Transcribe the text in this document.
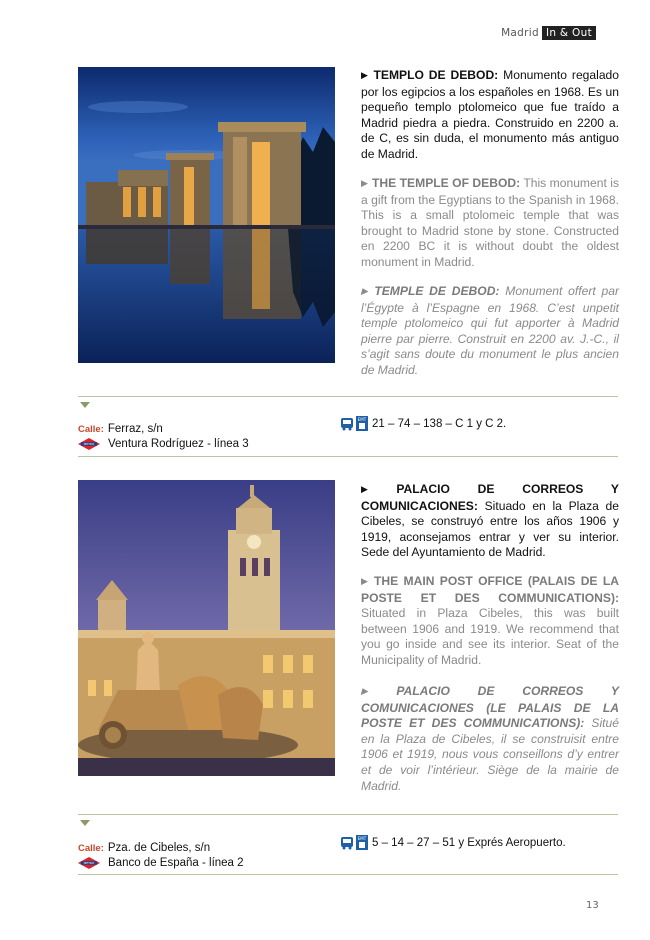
Madrid In & Out
▶ TEMPLO DE DEBOD: Monumento regalado por los egipcios a los españoles en 1968. Es un pequeño templo ptolomeico que fue traído a Madrid piedra a piedra. Construido en 2200 a. de C, es sin duda, el monumento más antiguo de Madrid.
▶ THE TEMPLE OF DEBOD: This monument is a gift from the Egyptians to the Spanish in 1968. This is a small ptolomeic temple that was brought to Madrid stone by stone. Constructed en 2200 BC it is without doubt the oldest monument in Madrid.
▶ TEMPLE DE DEBOD: Monument offert par l’Égypte à l’Espagne en 1968. C’est unpetit temple ptolomeico qui fut apporter à Madrid pierre par pierre. Construit en 2200 av. J.-C., il s’agit sans doute du monument le plus ancien de Madrid.
Calle: Ferraz, s/n
METRO Ventura Rodríguez - línea 3
EMT 21 – 74 – 138 – C 1 y C 2.
▶ PALACIO DE CORREOS Y COMUNICACIONES: Situado en la Plaza de Cibeles, se construyó entre los años 1906 y 1919, aconsejamos entrar y ver su interior. Sede del Ayuntamiento de Madrid.
▶ THE MAIN POST OFFICE (PALAIS DE LA POSTE ET DES COMMUNICATIONS): Situated in Plaza Cibeles, this was built between 1906 and 1919. We recommend that you go inside and see its interior. Seat of the Municipality of Madrid.
▶ PALACIO DE CORREOS Y COMUNICACIONES (LE PALAIS DE LA POSTE ET DES COMMUNICATIONS): Situé en la Plaza de Cibeles, il se construisit entre 1906 et 1919, nous vous conseillons d’y entrer et de voir l’intérieur. Siège de la mairie de Madrid.
Calle: Pza. de Cibeles, s/n
METRO Banco de España - línea 2
EMT 5 – 14 – 27 – 51 y Exprés Aeropuerto.
13
